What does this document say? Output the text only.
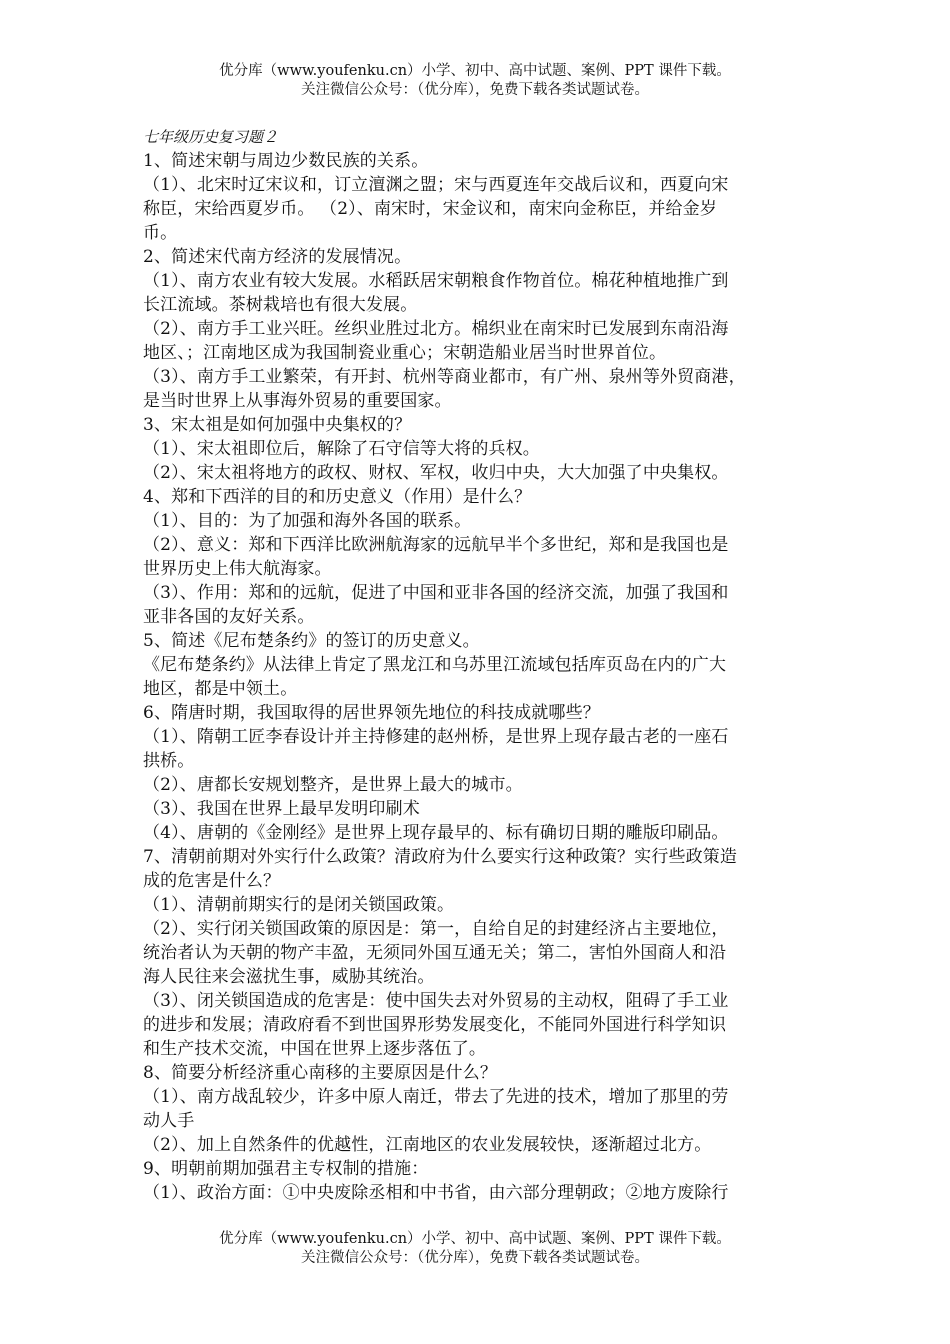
优分库（www.youfenku.cn）小学、初中、高中试题、案例、PPT 课件下载。
关注微信公众号：（优分库），免费下载各类试题试卷。
七年级历史复习题２
1、简述宋朝与周边少数民族的关系。
（1）、北宋时辽宋议和，订立澶渊之盟；宋与西夏连年交战后议和，西夏向宋
称臣，宋给西夏岁币。 （2）、南宋时，宋金议和，南宋向金称臣，并给金岁
币。
2、简述宋代南方经济的发展情况。
（1）、南方农业有较大发展。水稻跃居宋朝粮食作物首位。棉花种植地推广到
长江流域。茶树栽培也有很大发展。
（2）、南方手工业兴旺。丝织业胜过北方。棉织业在南宋时已发展到东南沿海
地区、；江南地区成为我国制瓷业重心；宋朝造船业居当时世界首位。
（3）、南方手工业繁荣，有开封、杭州等商业都市，有广州、泉州等外贸商港，
是当时世界上从事海外贸易的重要国家。
3、宋太祖是如何加强中央集权的？
（1）、宋太祖即位后，解除了石守信等大将的兵权。
（2）、宋太祖将地方的政权、财权、军权，收归中央，大大加强了中央集权。
4、郑和下西洋的目的和历史意义（作用）是什么？
（1）、目的：为了加强和海外各国的联系。
（2）、意义：郑和下西洋比欧洲航海家的远航早半个多世纪，郑和是我国也是
世界历史上伟大航海家。
（3）、作用：郑和的远航，促进了中国和亚非各国的经济交流，加强了我国和
亚非各国的友好关系。
5、简述《尼布楚条约》的签订的历史意义。
《尼布楚条约》从法律上肯定了黑龙江和乌苏里江流域包括库页岛在内的广大
地区，都是中领土。
6、隋唐时期，我国取得的居世界领先地位的科技成就哪些？
（1）、隋朝工匠李春设计并主持修建的赵州桥，是世界上现存最古老的一座石
拱桥。
（2）、唐都长安规划整齐，是世界上最大的城市。
（3）、我国在世界上最早发明印刷术
（4）、唐朝的《金刚经》是世界上现存最早的、标有确切日期的雕版印刷品。
7、清朝前期对外实行什么政策？清政府为什么要实行这种政策？实行些政策造
成的危害是什么？
（1）、清朝前期实行的是闭关锁国政策。
（2）、实行闭关锁国政策的原因是：第一，自给自足的封建经济占主要地位，
统治者认为天朝的物产丰盈，无须同外国互通无关；第二，害怕外国商人和沿
海人民往来会滋扰生事，威胁其统治。
（3）、闭关锁国造成的危害是：使中国失去对外贸易的主动权，阻碍了手工业
的进步和发展；清政府看不到世国界形势发展变化，不能同外国进行科学知识
和生产技术交流，中国在世界上逐步落伍了。
8、简要分析经济重心南移的主要原因是什么？
（1）、南方战乱较少，许多中原人南迁，带去了先进的技术，增加了那里的劳
动人手
（2）、加上自然条件的优越性，江南地区的农业发展较快，逐渐超过北方。
9、明朝前期加强君主专权制的措施：
（1）、政治方面：①中央废除丞相和中书省，由六部分理朝政；②地方废除行
优分库（www.youfenku.cn）小学、初中、高中试题、案例、PPT 课件下载。
关注微信公众号：（优分库），免费下载各类试题试卷。
